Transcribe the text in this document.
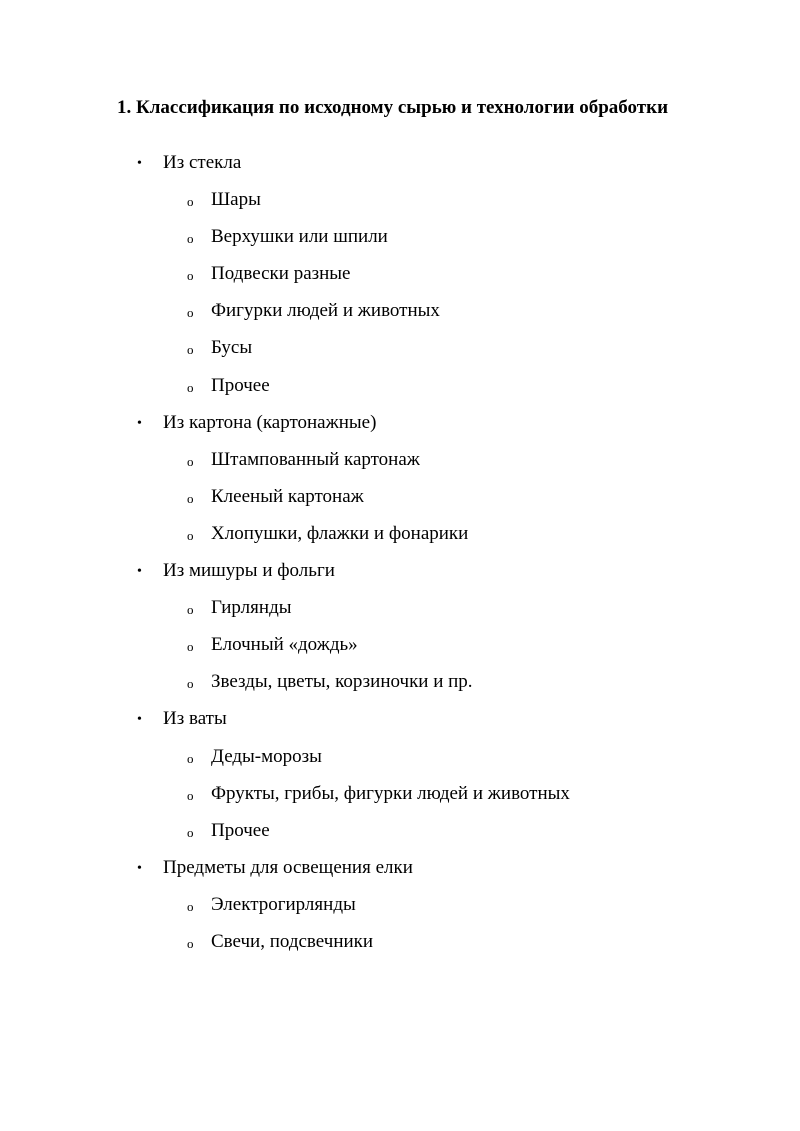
1. Классификация по исходному сырью и технологии обработки
• Из стекла
o Шары
o Верхушки или шпили
o Подвески разные
o Фигурки людей и животных
o Бусы
o Прочее
• Из картона (картонажные)
o Штампованный картонаж
o Клееный картонаж
o Хлопушки, флажки и фонарики
• Из мишуры и фольги
o Гирлянды
o Елочный «дождь»
o Звезды, цветы, корзиночки и пр.
• Из ваты
o Деды-морозы
o Фрукты, грибы, фигурки людей и животных
o Прочее
• Предметы для освещения елки
o Электрогирлянды
o Свечи, подсвечники
